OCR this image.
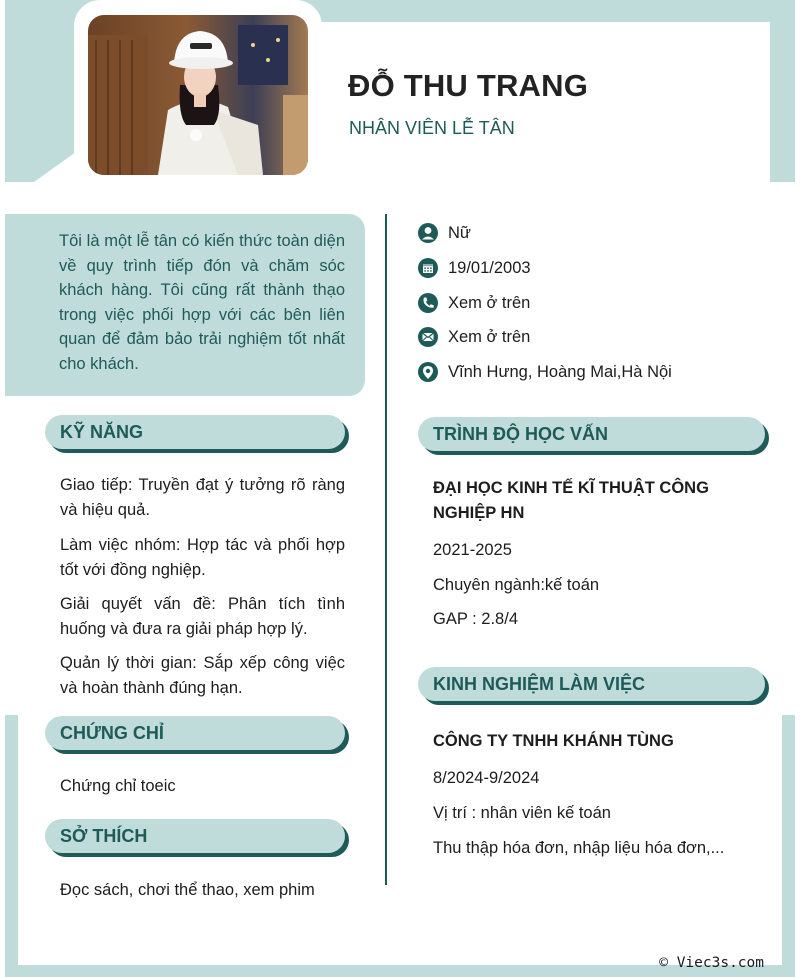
ĐỖ THU TRANG
NHÂN VIÊN LỄ TÂN
Tôi là một lễ tân có kiến thức toàn diện về quy trình tiếp đón và chăm sóc khách hàng. Tôi cũng rất thành thạo trong việc phối hợp với các bên liên quan để đảm bảo trải nghiệm tốt nhất cho khách.
Nữ
19/01/2003
Xem ở trên
Xem ở trên
Vĩnh Hưng, Hoàng Mai,Hà Nội
KỸ NĂNG
Giao tiếp: Truyền đạt ý tưởng rõ ràng và hiệu quả.
Làm việc nhóm: Hợp tác và phối hợp tốt với đồng nghiệp.
Giải quyết vấn đề: Phân tích tình huống và đưa ra giải pháp hợp lý.
Quản lý thời gian: Sắp xếp công việc và hoàn thành đúng hạn.
CHỨNG CHỈ
Chứng chỉ toeic
SỞ THÍCH
Đọc sách, chơi thể thao, xem phim
TRÌNH ĐỘ HỌC VẤN
ĐẠI HỌC KINH TẾ KĨ THUẬT CÔNG NGHIỆP HN
2021-2025
Chuyên ngành:kế toán
GAP : 2.8/4
KINH NGHIỆM LÀM VIỆC
CÔNG TY TNHH KHÁNH TÙNG
8/2024-9/2024
Vị trí : nhân viên kế toán
Thu thập hóa đơn, nhập liệu hóa đơn,...
© Viec3s.com
